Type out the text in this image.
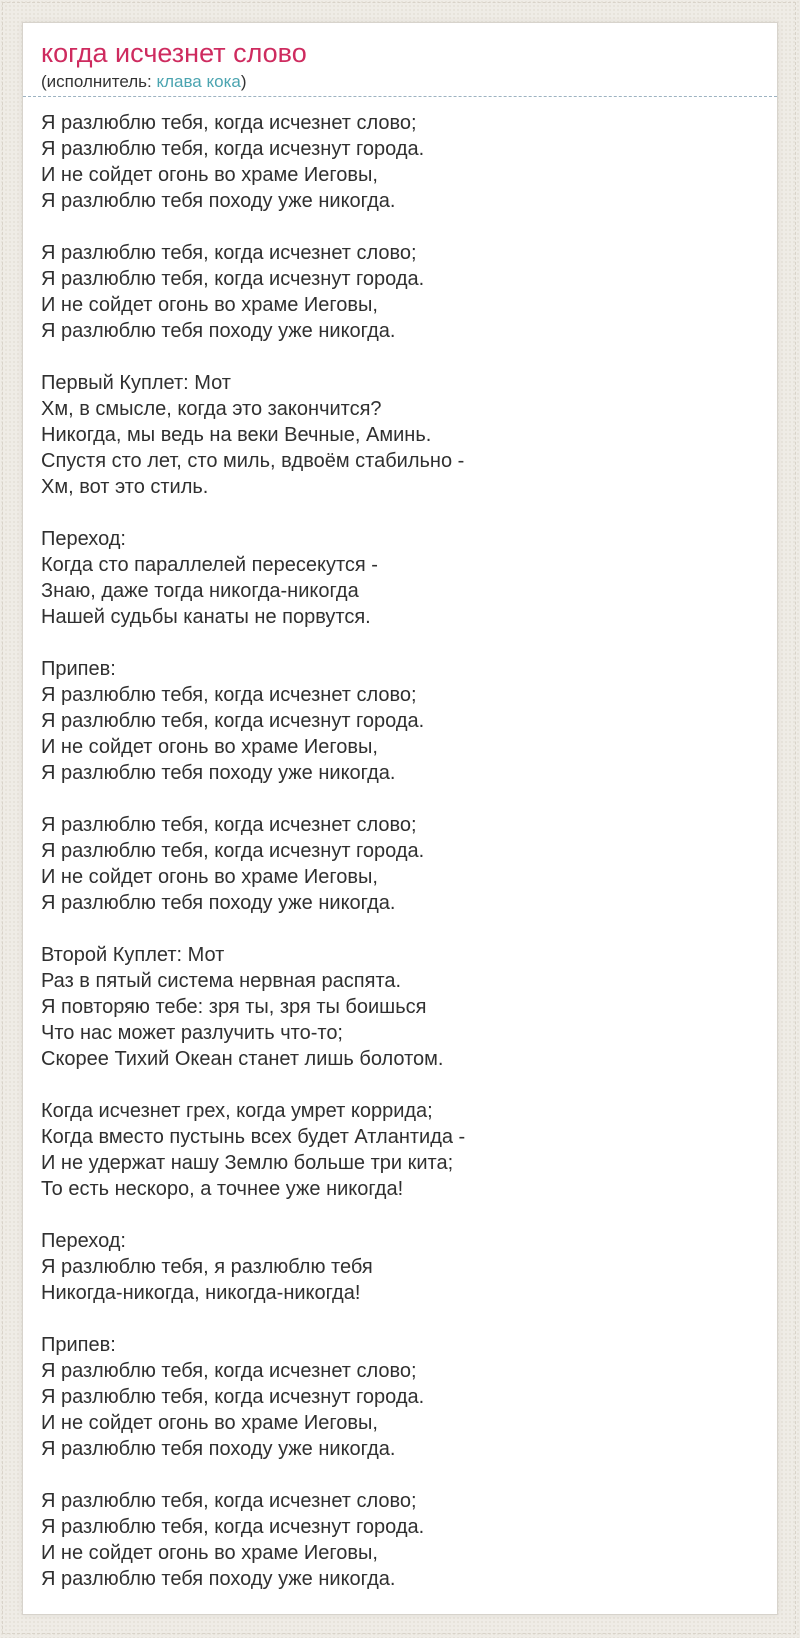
когда исчезнет слово
(исполнитель: клава кока)
Я разлюблю тебя, когда исчезнет слово;
Я разлюблю тебя, когда исчезнут города.
И не сойдет огонь во храме Иеговы,
Я разлюблю тебя походу уже никогда.
Я разлюблю тебя, когда исчезнет слово;
Я разлюблю тебя, когда исчезнут города.
И не сойдет огонь во храме Иеговы,
Я разлюблю тебя походу уже никогда.
Первый Куплет: Мот
Хм, в смысле, когда это закончится?
Никогда, мы ведь на веки Вечные, Аминь.
Спустя сто лет, сто миль, вдвоём стабильно -
Хм, вот это стиль.
Переход:
Когда сто параллелей пересекутся -
Знаю, даже тогда никогда-никогда
Нашей судьбы канаты не порвутся.
Припев:
Я разлюблю тебя, когда исчезнет слово;
Я разлюблю тебя, когда исчезнут города.
И не сойдет огонь во храме Иеговы,
Я разлюблю тебя походу уже никогда.
Я разлюблю тебя, когда исчезнет слово;
Я разлюблю тебя, когда исчезнут города.
И не сойдет огонь во храме Иеговы,
Я разлюблю тебя походу уже никогда.
Второй Куплет: Мот
Раз в пятый система нервная распята.
Я повторяю тебе: зря ты, зря ты боишься
Что нас может разлучить что-то;
Скорее Тихий Океан станет лишь болотом.
Когда исчезнет грех, когда умрет коррида;
Когда вместо пустынь всех будет Атлантида -
И не удержат нашу Землю больше три кита;
То есть нескоро, а точнее уже никогда!
Переход:
Я разлюблю тебя, я разлюблю тебя
Никогда-никогда, никогда-никогда!
Припев:
Я разлюблю тебя, когда исчезнет слово;
Я разлюблю тебя, когда исчезнут города.
И не сойдет огонь во храме Иеговы,
Я разлюблю тебя походу уже никогда.
Я разлюблю тебя, когда исчезнет слово;
Я разлюблю тебя, когда исчезнут города.
И не сойдет огонь во храме Иеговы,
Я разлюблю тебя походу уже никогда.
